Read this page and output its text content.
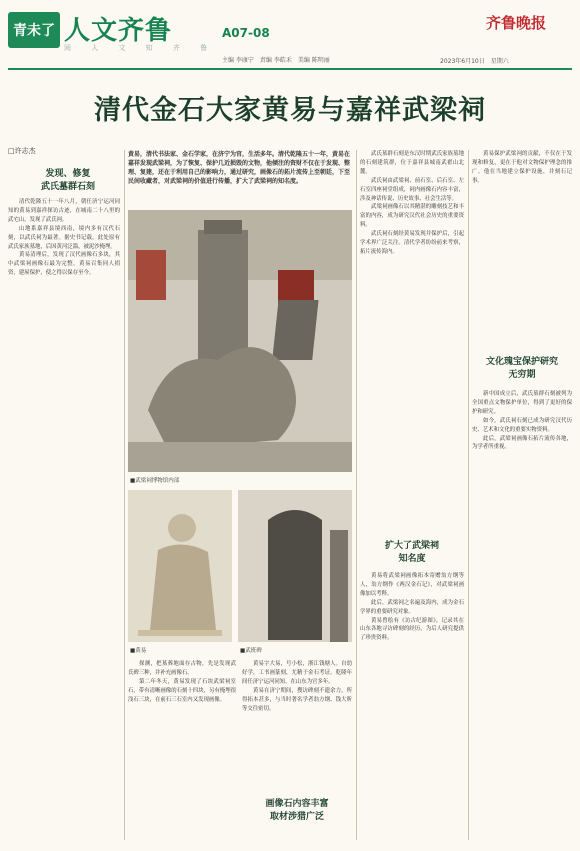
青未了 人文齐鲁
阅 人 文 知 齐 鲁
A07-08
主编 李康宁　责编 李皓禾　美编 陈明丽
齐鲁晚报
2023年6月10日　星期六
清代金石大家黄易与嘉祥武梁祠
□许志杰
发现、修复
武氏墓群石刻
黄易，清代书法家、金石学家，在济宁为官，生活多年。清代乾隆五十一年，黄易在嘉祥发现武梁祠，为了恢复、保护几近损毁的文物，他倾注的资财不仅在于发现、整理、复建，还在于利用自己的影响力，通过研究，画像石的拓片流传上至朝廷，下至民间收藏者，对武梁祠的价值进行传播，扩大了武梁祠的知名度。

清代乾隆五十一年八月，朝任济宁运河同知的黄易到嘉祥探访古迹，在城南二十八里的武宅山，发现了武氏祠。

山地系嘉祥县境西南，境内多有汉代石刻，以武氏祠为最著。据史书记载，此处原有武氏家族墓地，后因黄河泛滥，被泥沙掩埋。

黄易清理后，发现了汉代画像石多块，其中武梁祠画像石最为完整。黄易召集同人捐资，建屋保护，使之得以保存至今。

■武梁祠博物馆内部
■黄易	■武班碑

探测，把墓葬地面存古物，先是发现武氏碑三种，并补充画像石。

第二年冬天，黄易发现了石块武梁祠室石，带有清晰画像的石刻十四块，另有掩埋很浅石三块，在前石三石室内又发现画像。

黄易字大易，号小松，浙江钱塘人。自幼好学，工书画篆刻，尤精于金石考证。乾隆年间任济宁运河同知，在山东为官多年。

黄易在济宁期间，搜访碑刻不遗余力，所得拓本甚多，与当时著名学者翁方纲、钱大昕等交往密切。

画像石内容丰富
取材涉猎广泛

武氏墓群石刻是东汉时期武氏家族墓地的石刻建筑群，位于嘉祥县城南武翟山北麓。

武氏祠由武梁祠、前石室、后石室、左石室四座祠堂组成，祠内画像石内容丰富，涉及神话传说、历史故事、社会生活等。

武梁祠画像石以其精湛的雕刻技艺和丰富的内容，成为研究汉代社会历史的重要资料。

武氏祠石刻经黄易发现并保护后，引起学术界广泛关注。清代学者纷纷前来考察，拓片流传海内。

扩大了武梁祠
知名度

黄易将武梁祠画像拓本寄赠翁方纲等人，翁方纲作《两汉金石记》，对武梁祠画像加以考释。

此后，武梁祠之名遍及海内，成为金石学界的重要研究对象。

黄易曾绘有《访古纪游图》，记录其在山东各地寻访碑刻的经历，为后人研究提供了珍贵资料。

黄易保护武梁祠的贡献，不仅在于发现和修复，更在于他对文物保护理念的推广。他在当地建立保护设施，并刻石记事。

文化瑰宝保护研究
无穷期

新中国成立后，武氏墓群石刻被列为全国重点文物保护单位，得到了更好的保护和研究。

如今，武氏祠石刻已成为研究汉代历史、艺术和文化的重要实物资料。

此后，武梁祠画像石拓片流传各地，为学者所重视。
